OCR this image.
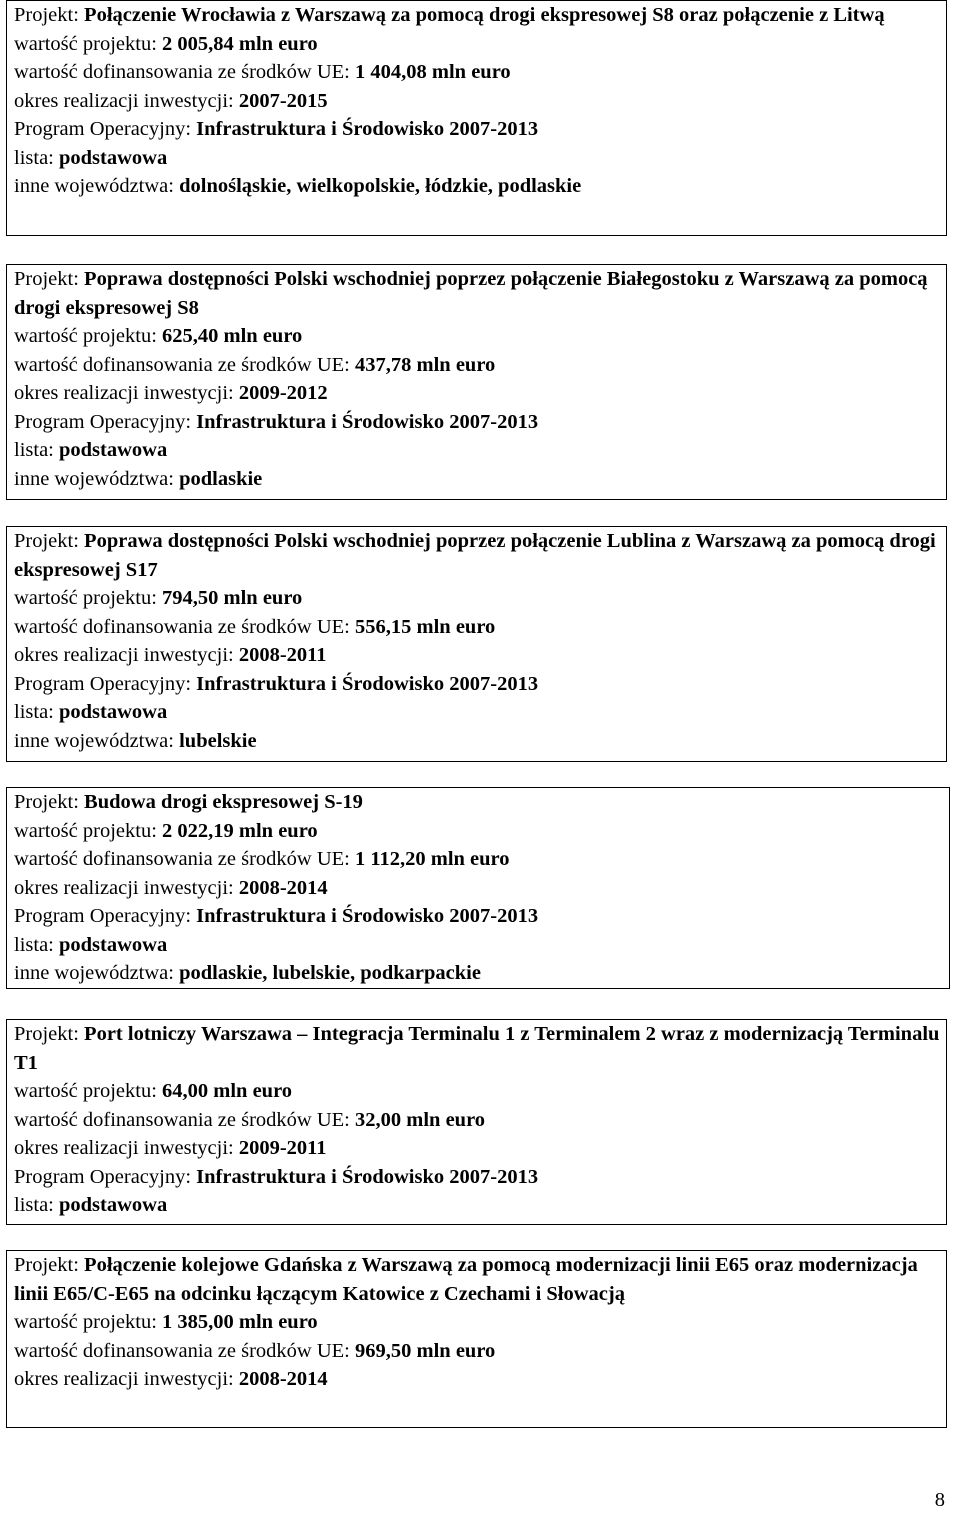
Projekt: Połączenie Wrocławia z Warszawą za pomocą drogi ekspresowej S8 oraz połączenie z Litwą
wartość projektu: 2 005,84 mln euro
wartość dofinansowania ze środków UE: 1 404,08 mln euro
okres realizacji inwestycji: 2007-2015
Program Operacyjny: Infrastruktura i Środowisko 2007-2013
lista: podstawowa
inne województwa: dolnośląskie, wielkopolskie, łódzkie, podlaskie
Projekt: Poprawa dostępności Polski wschodniej poprzez połączenie Białegostoku z Warszawą za pomocą drogi ekspresowej S8
wartość projektu: 625,40 mln euro
wartość dofinansowania ze środków UE: 437,78 mln euro
okres realizacji inwestycji: 2009-2012
Program Operacyjny: Infrastruktura i Środowisko 2007-2013
lista: podstawowa
inne województwa: podlaskie
Projekt: Poprawa dostępności Polski wschodniej poprzez połączenie Lublina z Warszawą za pomocą drogi ekspresowej S17
wartość projektu: 794,50 mln euro
wartość dofinansowania ze środków UE: 556,15 mln euro
okres realizacji inwestycji: 2008-2011
Program Operacyjny: Infrastruktura i Środowisko 2007-2013
lista: podstawowa
inne województwa: lubelskie
Projekt: Budowa drogi ekspresowej S-19
wartość projektu: 2 022,19 mln euro
wartość dofinansowania ze środków UE: 1 112,20 mln euro
okres realizacji inwestycji: 2008-2014
Program Operacyjny: Infrastruktura i Środowisko 2007-2013
lista: podstawowa
inne województwa: podlaskie, lubelskie, podkarpackie
Projekt: Port lotniczy Warszawa – Integracja Terminalu 1 z Terminalem 2 wraz z modernizacją Terminalu T1
wartość projektu: 64,00 mln euro
wartość dofinansowania ze środków UE: 32,00 mln euro
okres realizacji inwestycji: 2009-2011
Program Operacyjny: Infrastruktura i Środowisko 2007-2013
lista: podstawowa
Projekt: Połączenie kolejowe Gdańska z Warszawą za pomocą modernizacji linii E65 oraz modernizacja linii E65/C-E65 na odcinku łączącym Katowice z Czechami i Słowacją
wartość projektu: 1 385,00 mln euro
wartość dofinansowania ze środków UE: 969,50 mln euro
okres realizacji inwestycji: 2008-2014
8
